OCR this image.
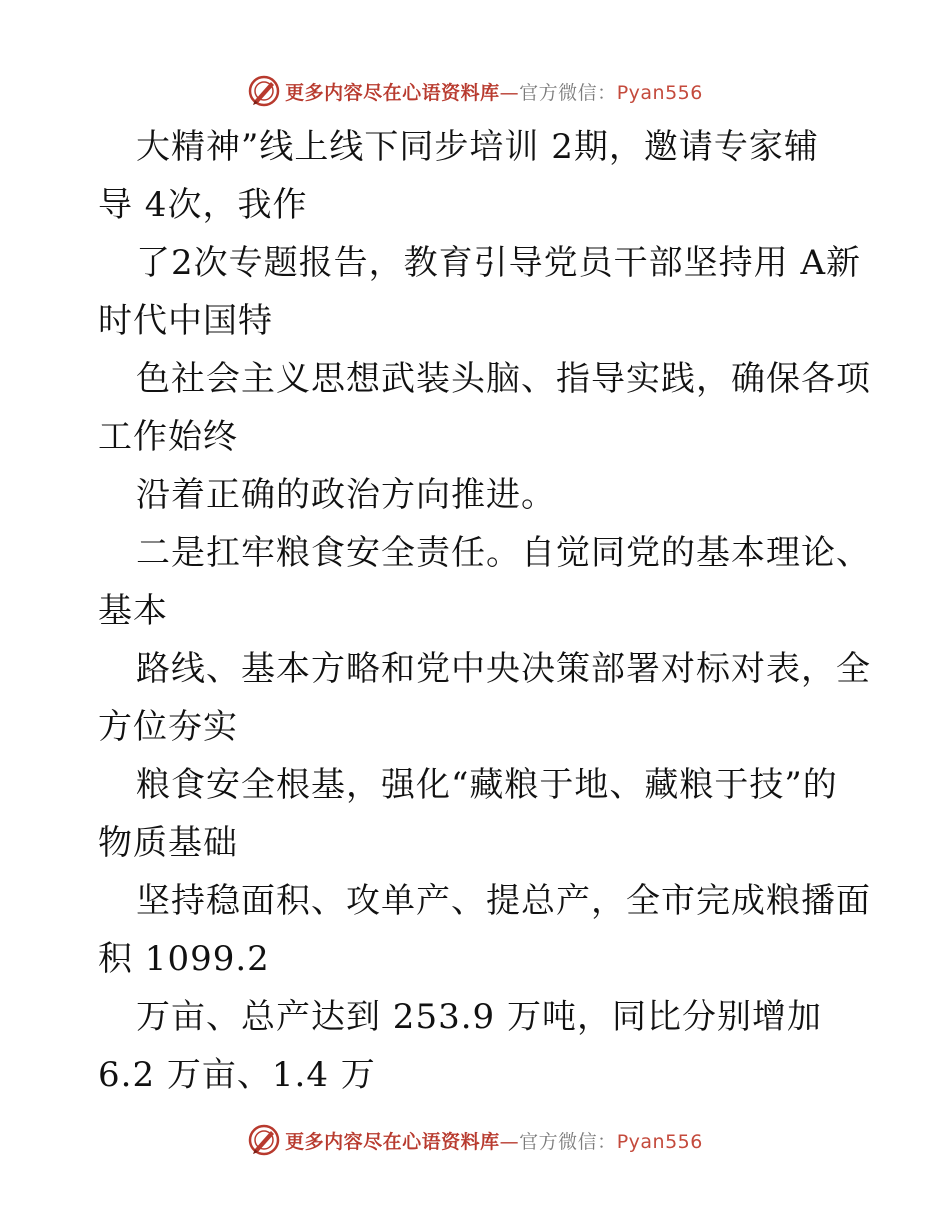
更多内容尽在心语资料库—官方微信：Pyan556
大精神”线上线下同步培训 2期，邀请专家辅
导 4次，我作
了2次专题报告，教育引导党员干部坚持用 A新
时代中国特
色社会主义思想武装头脑、指导实践，确保各项
工作始终
沿着正确的政治方向推进。
二是扛牢粮食安全责任。自觉同党的基本理论、
基本
路线、基本方略和党中央决策部署对标对表，全
方位夯实
粮食安全根基，强化“藏粮于地、藏粮于技”的
物质基础
坚持稳面积、攻单产、提总产，全市完成粮播面
积 1099.2
万亩、总产达到 253.9 万吨，同比分别增加
6.2 万亩、1.4 万
更多内容尽在心语资料库—官方微信：Pyan556
